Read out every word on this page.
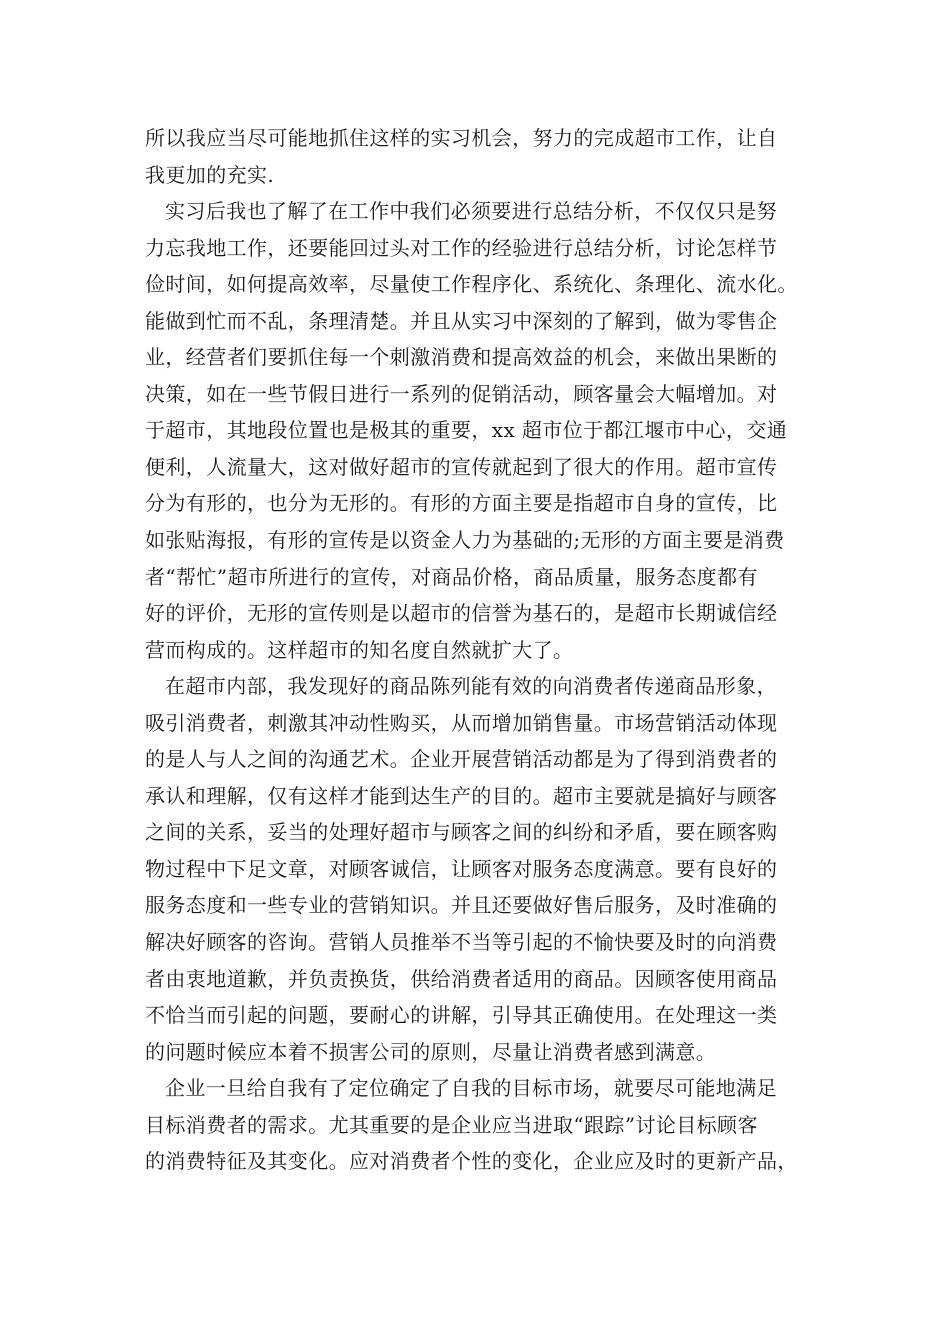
所以我应当尽可能地抓住这样的实习机会，努力的完成超市工作，让自
我更加的充实.
实习后我也了解了在工作中我们必须要进行总结分析，不仅仅只是努
力忘我地工作，还要能回过头对工作的经验进行总结分析，讨论怎样节
俭时间，如何提高效率，尽量使工作程序化、系统化、条理化、流水化。
能做到忙而不乱，条理清楚。并且从实习中深刻的了解到，做为零售企
业，经营者们要抓住每一个刺激消费和提高效益的机会，来做出果断的
决策，如在一些节假日进行一系列的促销活动，顾客量会大幅增加。对
于超市，其地段位置也是极其的重要，xx 超市位于都江堰市中心，交通
便利，人流量大，这对做好超市的宣传就起到了很大的作用。超市宣传
分为有形的，也分为无形的。有形的方面主要是指超市自身的宣传，比
如张贴海报，有形的宣传是以资金人力为基础的;无形的方面主要是消费
者“帮忙”超市所进行的宣传，对商品价格，商品质量，服务态度都有
好的评价，无形的宣传则是以超市的信誉为基石的，是超市长期诚信经
营而构成的。这样超市的知名度自然就扩大了。
在超市内部，我发现好的商品陈列能有效的向消费者传递商品形象，
吸引消费者，刺激其冲动性购买，从而增加销售量。市场营销活动体现
的是人与人之间的沟通艺术。企业开展营销活动都是为了得到消费者的
承认和理解，仅有这样才能到达生产的目的。超市主要就是搞好与顾客
之间的关系，妥当的处理好超市与顾客之间的纠纷和矛盾，要在顾客购
物过程中下足文章，对顾客诚信，让顾客对服务态度满意。要有良好的
服务态度和一些专业的营销知识。并且还要做好售后服务，及时准确的
解决好顾客的咨询。营销人员推举不当等引起的不愉快要及时的向消费
者由衷地道歉，并负责换货，供给消费者适用的商品。因顾客使用商品
不恰当而引起的问题，要耐心的讲解，引导其正确使用。在处理这一类
的问题时候应本着不损害公司的原则，尽量让消费者感到满意。
企业一旦给自我有了定位确定了自我的目标市场，就要尽可能地满足
目标消费者的需求。尤其重要的是企业应当进取“跟踪”讨论目标顾客
的消费特征及其变化。应对消费者个性的变化，企业应及时的更新产品，
